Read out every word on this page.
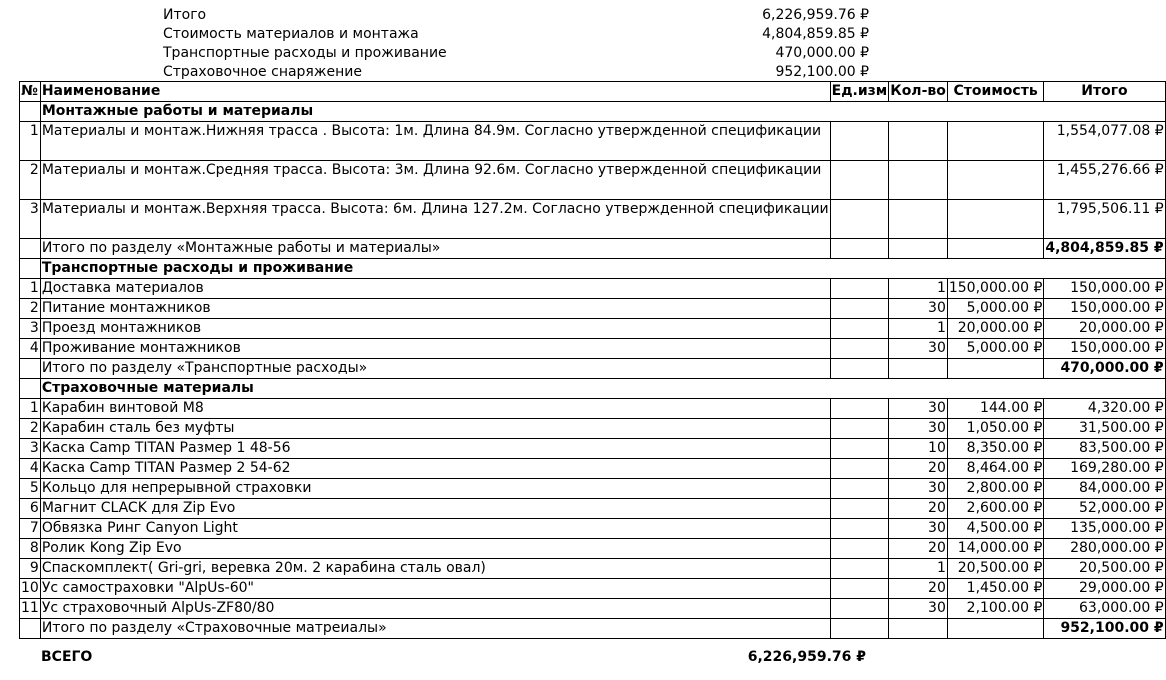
Итого	6,226,959.76 ₽
Стоимость материалов и монтажа	4,804,859.85 ₽
Транспортные расходы и проживание	470,000.00 ₽
Страховочное снаряжение	952,100.00 ₽
№	Наименование	Ед.изм	Кол-во	Стоимость	Итого
	Монтажные работы и материалы				
1	Материалы и монтаж.Нижняя трасса . Высота: 1м. Длина 84.9м. Согласно утвержденной спецификации				1,554,077.08 ₽
2	Материалы и монтаж.Средняя трасса. Высота: 3м. Длина 92.6м. Согласно утвержденной спецификации				1,455,276.66 ₽
3	Материалы и монтаж.Верхняя трасса. Высота: 6м. Длина 127.2м. Согласно утвержденной спецификации				1,795,506.11 ₽
	Итого по разделу «Монтажные работы и материалы»				4,804,859.85 ₽
	Транспортные расходы и проживание				
1	Доставка материалов		1	150,000.00 ₽	150,000.00 ₽
2	Питание монтажников		30	5,000.00 ₽	150,000.00 ₽
3	Проезд монтажников		1	20,000.00 ₽	20,000.00 ₽
4	Проживание монтажников		30	5,000.00 ₽	150,000.00 ₽
	Итого по разделу «Транспортные расходы»				470,000.00 ₽
	Страховочные материалы				
1	Карабин винтовой M8		30	144.00 ₽	4,320.00 ₽
2	Карабин сталь без муфты		30	1,050.00 ₽	31,500.00 ₽
3	Каска Camp TITAN Размер 1 48-56		10	8,350.00 ₽	83,500.00 ₽
4	Каска Camp TITAN Размер 2 54-62		20	8,464.00 ₽	169,280.00 ₽
5	Кольцо для непрерывной страховки		30	2,800.00 ₽	84,000.00 ₽
6	Магнит CLACK для Zip Evo		20	2,600.00 ₽	52,000.00 ₽
7	Обвязка Ринг Canyon Light		30	4,500.00 ₽	135,000.00 ₽
8	Ролик Kong Zip Evo		20	14,000.00 ₽	280,000.00 ₽
9	Спаскомплект( Gri-gri, веревка 20м. 2 карабина сталь овал)		1	20,500.00 ₽	20,500.00 ₽
10	Ус самостраховки "AlpUs-60"		20	1,450.00 ₽	29,000.00 ₽
11	Ус страховочный AlpUs-ZF80/80		30	2,100.00 ₽	63,000.00 ₽
	Итого по разделу «Страховочные матреиалы»				952,100.00 ₽
ВСЕГО	6,226,959.76 ₽
